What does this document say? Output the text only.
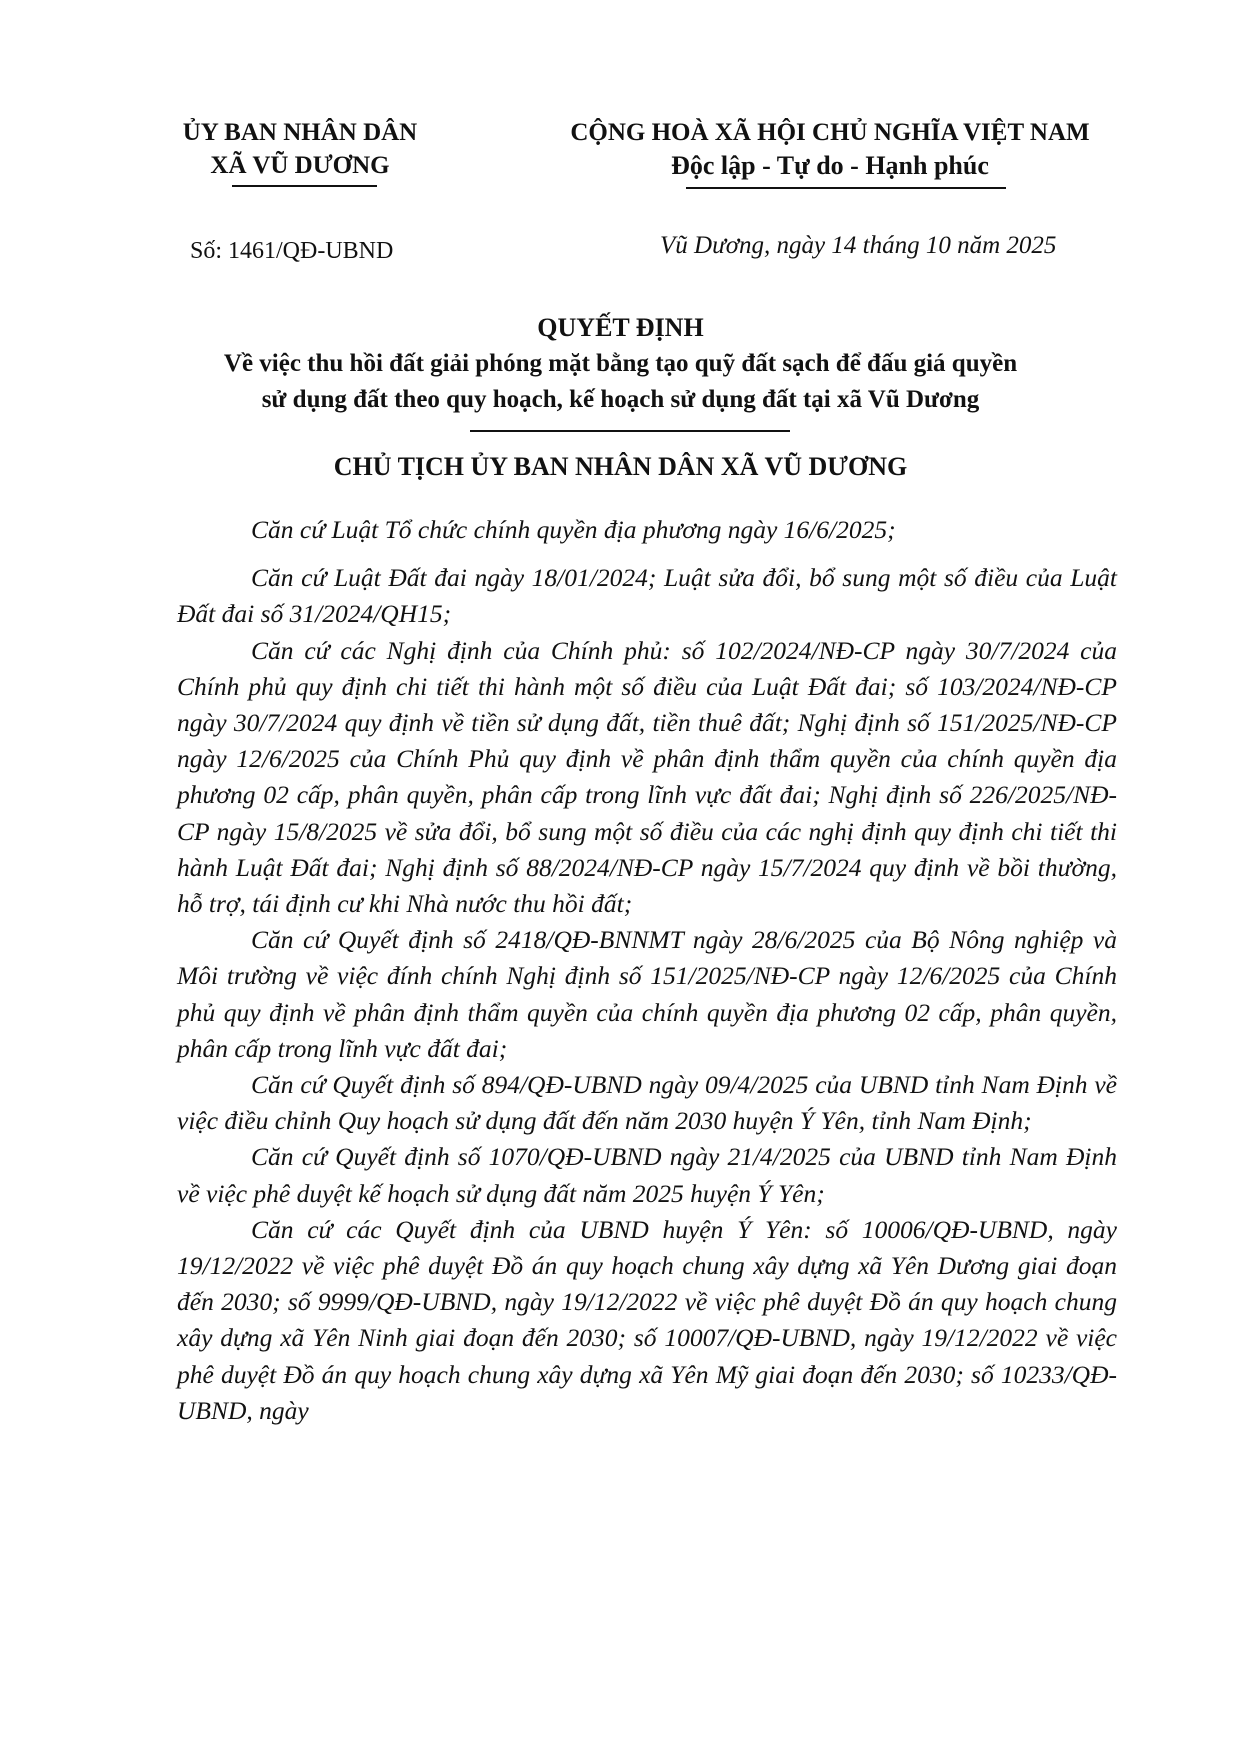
ỦY BAN NHÂN DÂN
XÃ VŨ DƯƠNG
CỘNG HOÀ XÃ HỘI CHỦ NGHĨA VIỆT NAM
Độc lập - Tự do - Hạnh phúc
Số: 1461/QĐ-UBND	Vũ Dương, ngày 14 tháng 10 năm 2025
QUYẾT ĐỊNH
Về việc thu hồi đất giải phóng mặt bằng tạo quỹ đất sạch để đấu giá quyền
sử dụng đất theo quy hoạch, kế hoạch sử dụng đất tại xã Vũ Dương
CHỦ TỊCH ỦY BAN NHÂN DÂN XÃ VŨ DƯƠNG

Căn cứ Luật Tổ chức chính quyền địa phương ngày 16/6/2025;

Căn cứ Luật Đất đai ngày 18/01/2024; Luật sửa đổi, bổ sung một số điều của Luật Đất đai số 31/2024/QH15;

Căn cứ các Nghị định của Chính phủ: số 102/2024/NĐ-CP ngày 30/7/2024 của Chính phủ quy định chi tiết thi hành một số điều của Luật Đất đai; số 103/2024/NĐ-CP ngày 30/7/2024 quy định về tiền sử dụng đất, tiền thuê đất; Nghị định số 151/2025/NĐ-CP ngày 12/6/2025 của Chính Phủ quy định về phân định thẩm quyền của chính quyền địa phương 02 cấp, phân quyền, phân cấp trong lĩnh vực đất đai; Nghị định số 226/2025/NĐ-CP ngày 15/8/2025 về sửa đổi, bổ sung một số điều của các nghị định quy định chi tiết thi hành Luật Đất đai; Nghị định số 88/2024/NĐ-CP ngày 15/7/2024 quy định về bồi thường, hỗ trợ, tái định cư khi Nhà nước thu hồi đất;

Căn cứ Quyết định số 2418/QĐ-BNNMT ngày 28/6/2025 của Bộ Nông nghiệp và Môi trường về việc đính chính Nghị định số 151/2025/NĐ-CP ngày 12/6/2025 của Chính phủ quy định về phân định thẩm quyền của chính quyền địa phương 02 cấp, phân quyền, phân cấp trong lĩnh vực đất đai;

Căn cứ Quyết định số 894/QĐ-UBND ngày 09/4/2025 của UBND tỉnh Nam Định về việc điều chỉnh Quy hoạch sử dụng đất đến năm 2030 huyện Ý Yên, tỉnh Nam Định;

Căn cứ Quyết định số 1070/QĐ-UBND ngày 21/4/2025 của UBND tỉnh Nam Định về việc phê duyệt kế hoạch sử dụng đất năm 2025 huyện Ý Yên;

Căn cứ các Quyết định của UBND huyện Ý Yên: số 10006/QĐ-UBND, ngày 19/12/2022 về việc phê duyệt Đồ án quy hoạch chung xây dựng xã Yên Dương giai đoạn đến 2030; số 9999/QĐ-UBND, ngày 19/12/2022 về việc phê duyệt Đồ án quy hoạch chung xây dựng xã Yên Ninh giai đoạn đến 2030; số 10007/QĐ-UBND, ngày 19/12/2022 về việc phê duyệt Đồ án quy hoạch chung xây dựng xã Yên Mỹ giai đoạn đến 2030; số 10233/QĐ-UBND, ngày
